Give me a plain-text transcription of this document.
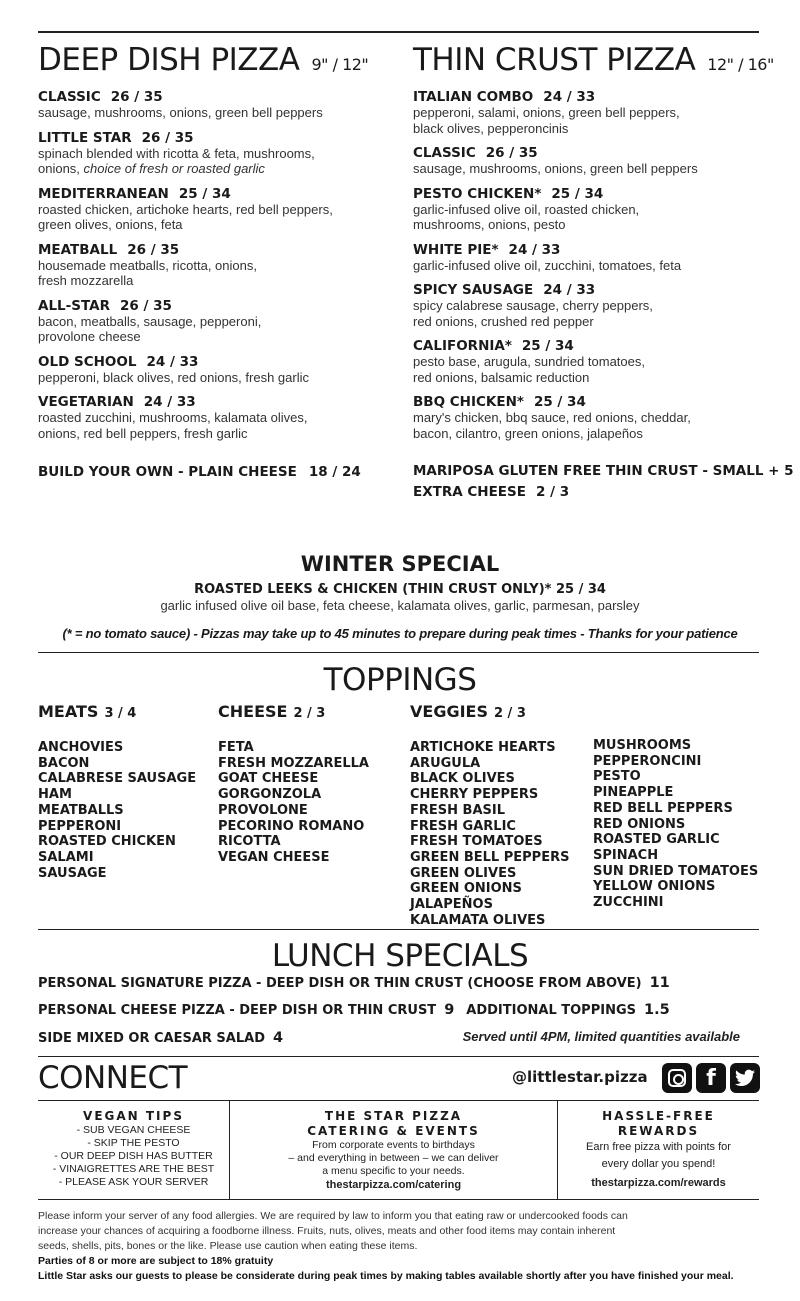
DEEP DISH PIZZA 9" / 12"
CLASSIC 26 / 35
sausage, mushrooms, onions, green bell peppers
LITTLE STAR 26 / 35
spinach blended with ricotta & feta, mushrooms,
onions, choice of fresh or roasted garlic
MEDITERRANEAN 25 / 34
roasted chicken, artichoke hearts, red bell peppers,
green olives, onions, feta
MEATBALL 26 / 35
housemade meatballs, ricotta, onions,
fresh mozzarella
ALL-STAR 26 / 35
bacon, meatballs, sausage, pepperoni,
provolone cheese
OLD SCHOOL 24 / 33
pepperoni, black olives, red onions, fresh garlic
VEGETARIAN 24 / 33
roasted zucchini, mushrooms, kalamata olives,
onions, red bell peppers, fresh garlic
BUILD YOUR OWN - PLAIN CHEESE 18 / 24
THIN CRUST PIZZA 12" / 16"
ITALIAN COMBO 24 / 33
pepperoni, salami, onions, green bell peppers,
black olives, pepperoncinis
CLASSIC 26 / 35
sausage, mushrooms, onions, green bell peppers
PESTO CHICKEN* 25 / 34
garlic-infused olive oil, roasted chicken,
mushrooms, onions, pesto
WHITE PIE* 24 / 33
garlic-infused olive oil, zucchini, tomatoes, feta
SPICY SAUSAGE 24 / 33
spicy calabrese sausage, cherry peppers,
red onions, crushed red pepper
CALIFORNIA* 25 / 34
pesto base, arugula, sundried tomatoes,
red onions, balsamic reduction
BBQ CHICKEN* 25 / 34
mary's chicken, bbq sauce, red onions, cheddar,
bacon, cilantro, green onions, jalapeños
MARIPOSA GLUTEN FREE THIN CRUST - SMALL + 5
EXTRA CHEESE 2 / 3
WINTER SPECIAL
ROASTED LEEKS & CHICKEN (THIN CRUST ONLY)* 25 / 34
garlic infused olive oil base, feta cheese, kalamata olives, garlic, parmesan, parsley
(* = no tomato sauce) - Pizzas may take up to 45 minutes to prepare during peak times - Thanks for your patience
TOPPINGS
MEATS 3 / 4
ANCHOVIES
BACON
CALABRESE SAUSAGE
HAM
MEATBALLS
PEPPERONI
ROASTED CHICKEN
SALAMI
SAUSAGE
CHEESE 2 / 3
FETA
FRESH MOZZARELLA
GOAT CHEESE
GORGONZOLA
PROVOLONE
PECORINO ROMANO
RICOTTA
VEGAN CHEESE
VEGGIES 2 / 3
ARTICHOKE HEARTS
ARUGULA
BLACK OLIVES
CHERRY PEPPERS
FRESH BASIL
FRESH GARLIC
FRESH TOMATOES
GREEN BELL PEPPERS
GREEN OLIVES
GREEN ONIONS
JALAPEÑOS
KALAMATA OLIVES
MUSHROOMS
PEPPERONCINI
PESTO
PINEAPPLE
RED BELL PEPPERS
RED ONIONS
ROASTED GARLIC
SPINACH
SUN DRIED TOMATOES
YELLOW ONIONS
ZUCCHINI
LUNCH SPECIALS
PERSONAL SIGNATURE PIZZA - DEEP DISH OR THIN CRUST (CHOOSE FROM ABOVE) 11
PERSONAL CHEESE PIZZA - DEEP DISH OR THIN CRUST 9 ADDITIONAL TOPPINGS 1.5
SIDE MIXED OR CAESAR SALAD 4	Served until 4PM, limited quantities available
CONNECT	@littlestar.pizza	f
VEGAN TIPS
- SUB VEGAN CHEESE
- SKIP THE PESTO
- OUR DEEP DISH HAS BUTTER
- VINAIGRETTES ARE THE BEST
- PLEASE ASK YOUR SERVER
THE STAR PIZZA
CATERING & EVENTS
From corporate events to birthdays
– and everything in between – we can deliver
a menu specific to your needs.
thestarpizza.com/catering
HASSLE-FREE
REWARDS
Earn free pizza with points for
every dollar you spend!
thestarpizza.com/rewards
Please inform your server of any food allergies. We are required by law to inform you that eating raw or undercooked foods can
increase your chances of acquiring a foodborne illness. Fruits, nuts, olives, meats and other food items may contain inherent
seeds, shells, pits, bones or the like. Please use caution when eating these items.
Parties of 8 or more are subject to 18% gratuity
Little Star asks our guests to please be considerate during peak times by making tables available shortly after you have finished your meal.
